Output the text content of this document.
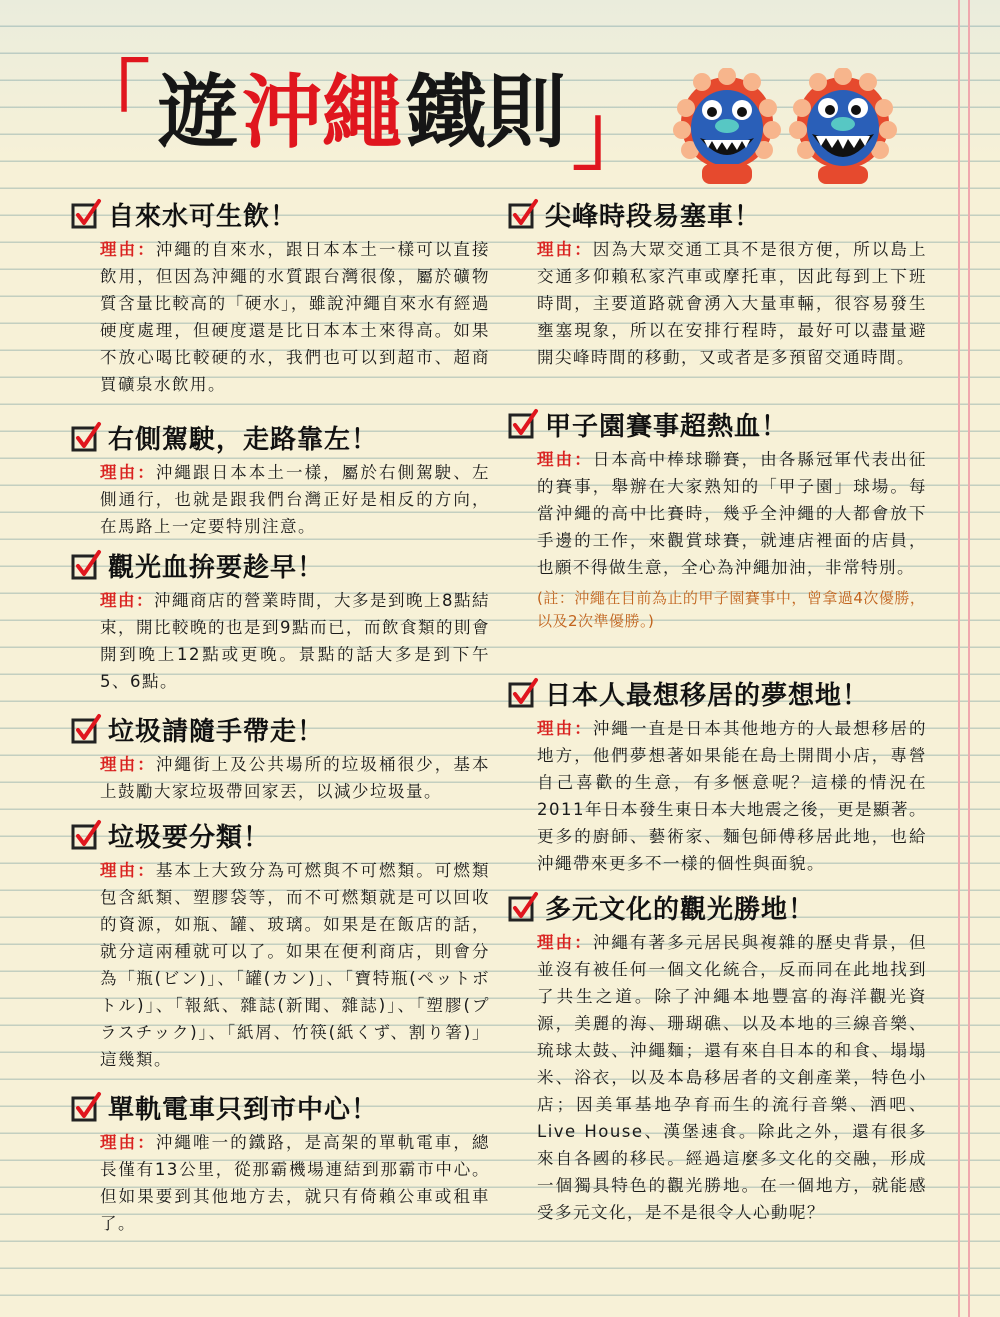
「 遊 沖繩 鐵則 」
自來水可生飲！

理由：沖繩的自來水，跟日本本土一樣可以直接飲用，但因為沖繩的水質跟台灣很像，屬於礦物質含量比較高的「硬水」，雖說沖繩自來水有經過硬度處理，但硬度還是比日本本土來得高。如果不放心喝比較硬的水，我們也可以到超市、超商買礦泉水飲用。

右側駕駛，走路靠左！

理由：沖繩跟日本本土一樣，屬於右側駕駛、左側通行，也就是跟我們台灣正好是相反的方向，在馬路上一定要特別注意。

觀光血拚要趁早！

理由：沖繩商店的營業時間，大多是到晚上8點結束，開比較晚的也是到9點而已，而飲食類的則會開到晚上12點或更晚。景點的話大多是到下午5、6點。

垃圾請隨手帶走！

理由：沖繩街上及公共場所的垃圾桶很少，基本上鼓勵大家垃圾帶回家丟，以減少垃圾量。

垃圾要分類！

理由：基本上大致分為可燃與不可燃類。可燃類包含紙類、塑膠袋等，而不可燃類就是可以回收的資源，如瓶、罐、玻璃。如果是在飯店的話，就分這兩種就可以了。如果在便利商店，則會分為「瓶(ビン)」、「罐(カン)」、「寶特瓶(ペットボトル)」、「報紙、雜誌(新聞、雜誌)」、「塑膠(プラスチック)」、「紙屑、竹筷(紙くず、割り箸)」這幾類。

單軌電車只到市中心！

理由：沖繩唯一的鐵路，是高架的單軌電車，總長僅有13公里，從那霸機場連結到那霸市中心。但如果要到其他地方去，就只有倚賴公車或租車了。

尖峰時段易塞車！

理由：因為大眾交通工具不是很方便，所以島上交通多仰賴私家汽車或摩托車，因此每到上下班時間，主要道路就會湧入大量車輛，很容易發生壅塞現象，所以在安排行程時，最好可以盡量避開尖峰時間的移動，又或者是多預留交通時間。

甲子園賽事超熱血！

理由：日本高中棒球聯賽，由各縣冠軍代表出征的賽事，舉辦在大家熟知的「甲子園」球場。每當沖繩的高中比賽時，幾乎全沖繩的人都會放下手邊的工作，來觀賞球賽，就連店裡面的店員，也願不得做生意，全心為沖繩加油，非常特別。

(註：沖繩在目前為止的甲子園賽事中，曾拿過4次優勝，以及2次準優勝。)

日本人最想移居的夢想地！

理由：沖繩一直是日本其他地方的人最想移居的地方，他們夢想著如果能在島上開間小店，專營自己喜歡的生意，有多愜意呢？這樣的情況在2011年日本發生東日本大地震之後，更是顯著。更多的廚師、藝術家、麵包師傅移居此地，也給沖繩帶來更多不一樣的個性與面貌。

多元文化的觀光勝地！

理由：沖繩有著多元居民與複雜的歷史背景，但並沒有被任何一個文化統合，反而同在此地找到了共生之道。除了沖繩本地豐富的海洋觀光資源，美麗的海、珊瑚礁、以及本地的三線音樂、琉球太鼓、沖繩麵；還有來自日本的和食、塌塌米、浴衣，以及本島移居者的文創產業，特色小店；因美軍基地孕育而生的流行音樂、酒吧、Live House、漢堡速食。除此之外，還有很多來自各國的移民。經過這麼多文化的交融，形成一個獨具特色的觀光勝地。在一個地方，就能感受多元文化，是不是很令人心動呢？
